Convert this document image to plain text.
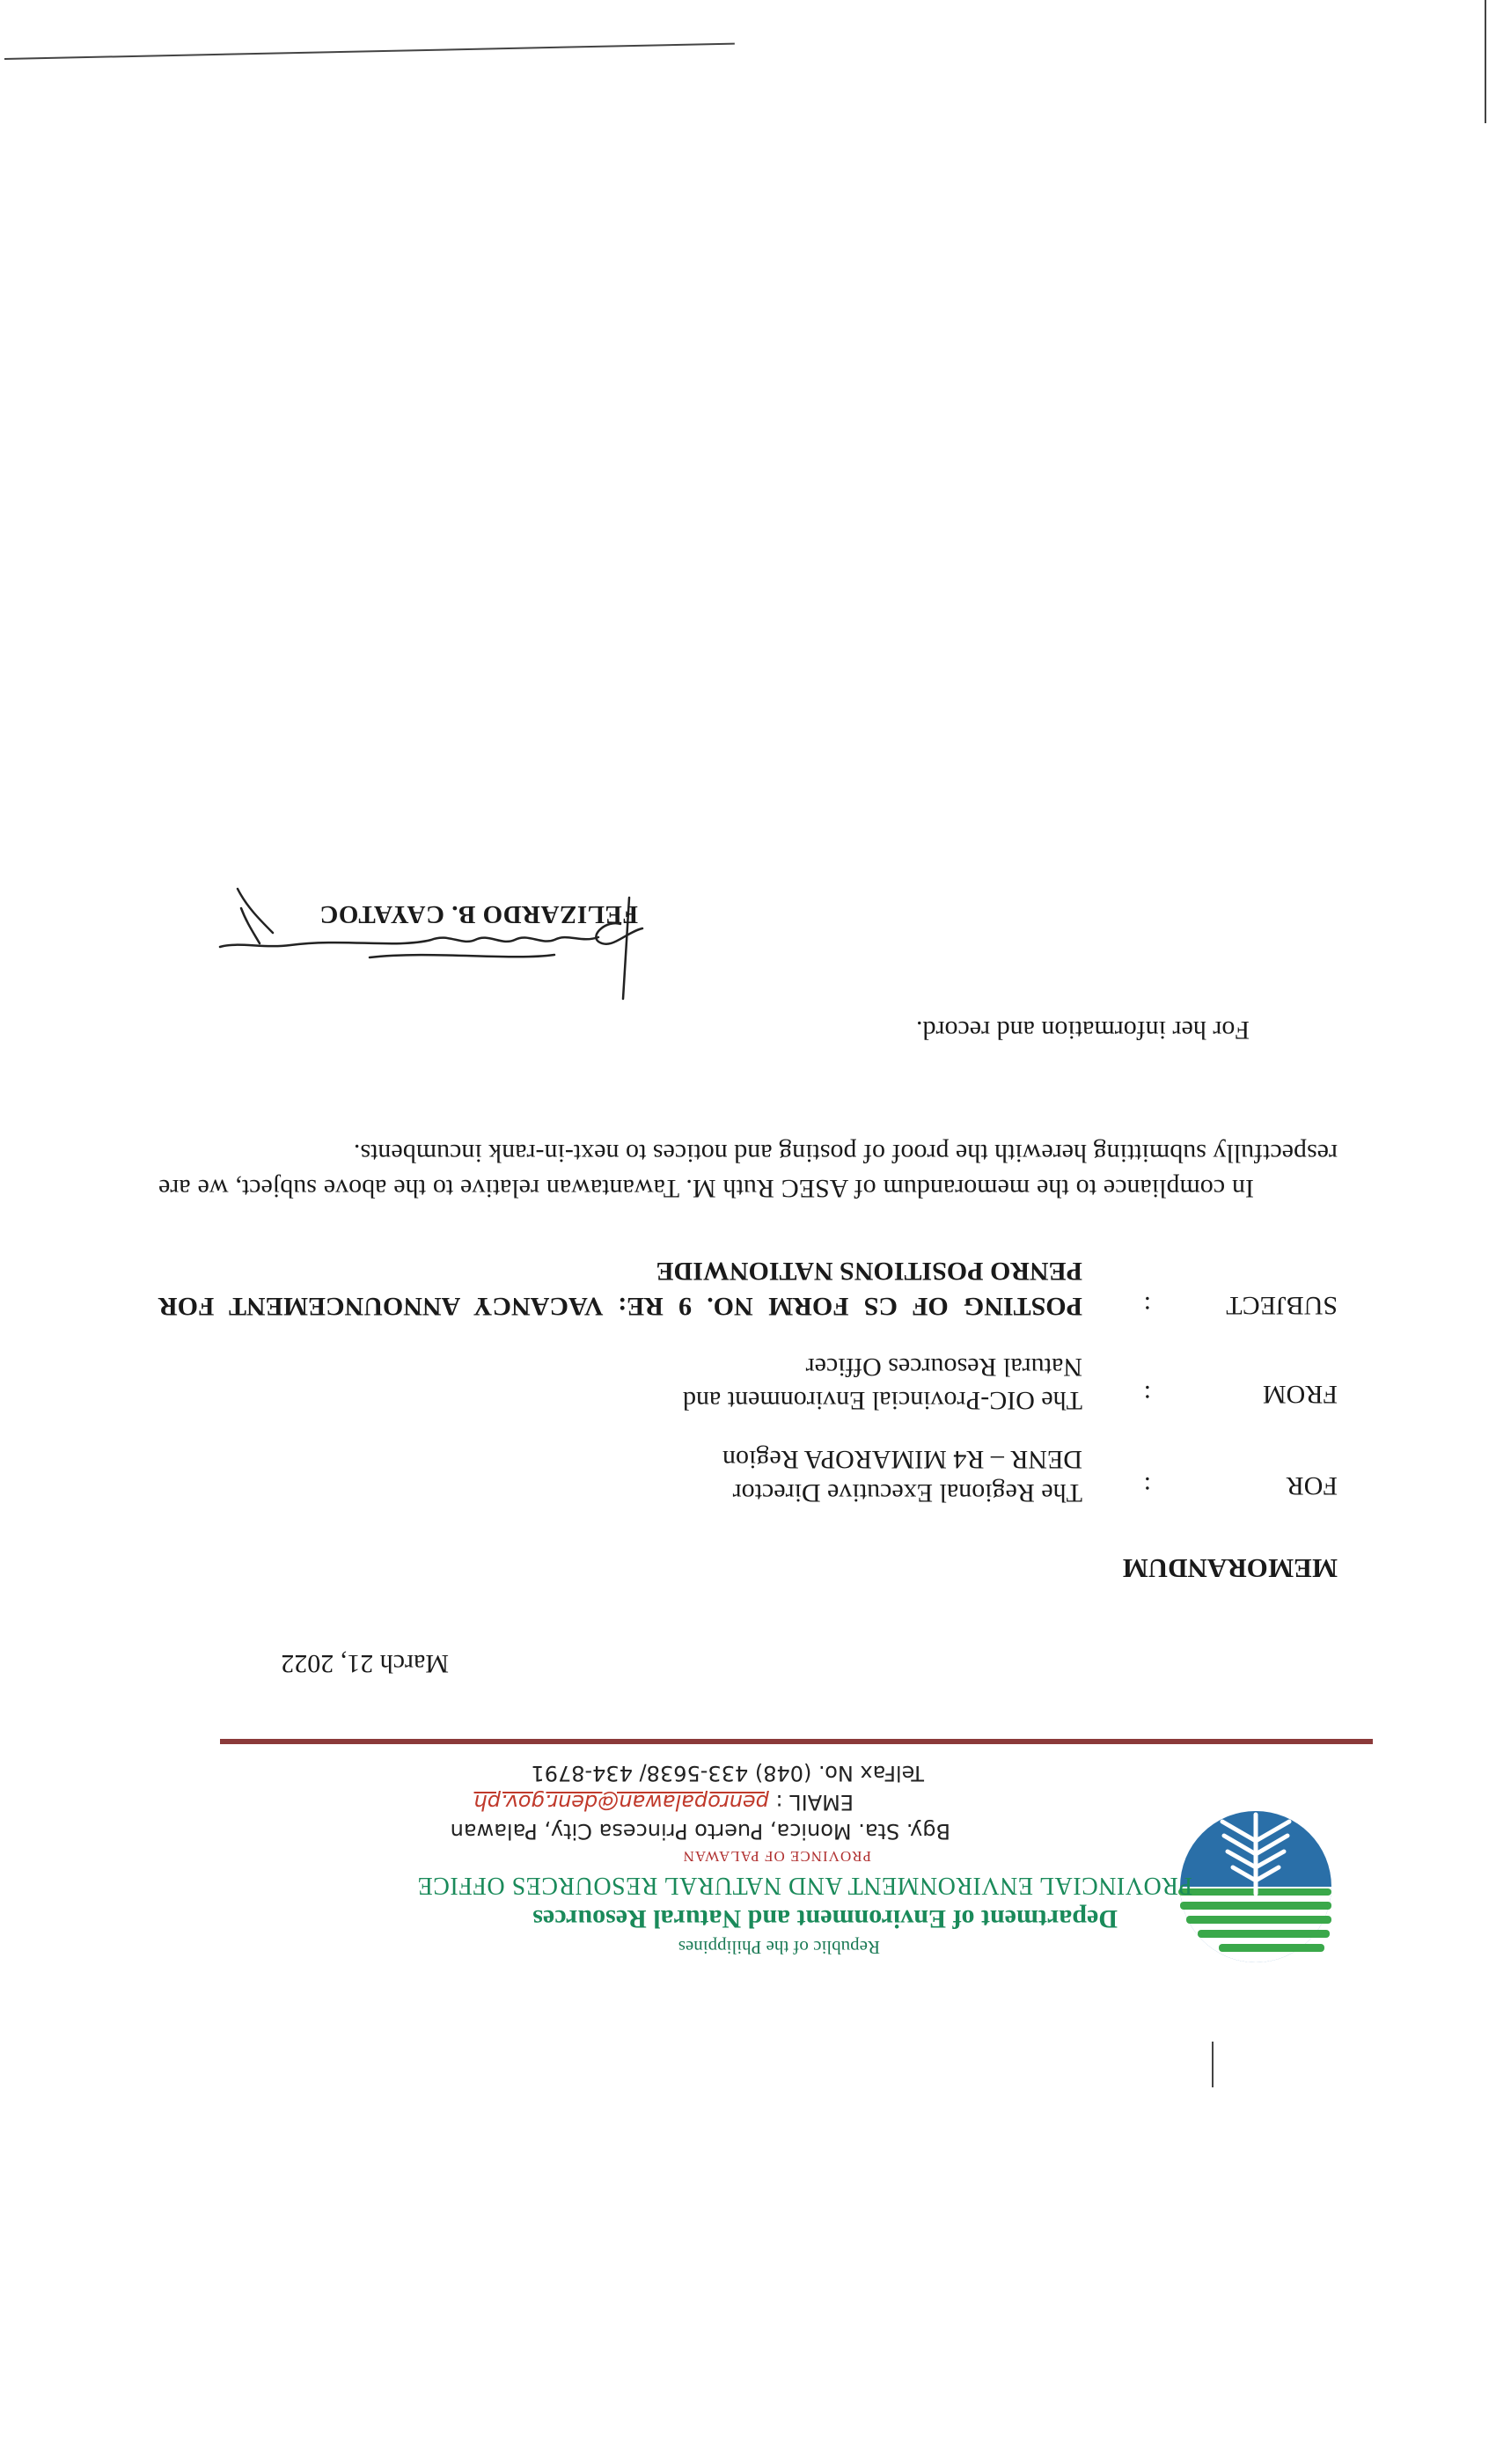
Republic of the Philippines
Department of Environment and Natural Resources
PROVINCIAL ENVIRONMENT AND NATURAL RESOURCES OFFICE
PROVINCE OF PALAWAN
Bgy. Sta. Monica, Puerto Princesa City, Palawan
EMAIL : penropalawan@denr.gov.ph
TelFax No. (048) 433-5638/ 434-8791
March 21, 2022
MEMORANDUM
FOR
:
The Regional Executive Director
DENR – R4 MIMAROPA Region
FROM
:
The OIC-Provincial Environment and
Natural Resources Officer
SUBJECT
:
POSTING OF CS FORM NO. 9 RE: VACANCY ANNOUNCEMENT FOR PENRO POSITIONS NATIONWIDE
In compliance to the memorandum of ASEC Ruth M. Tawantawan relative to the above subject, we are respectfully submitting herewith the proof of posting and notices to next-in-rank incumbents.
For her information and record.
FELIZARDO B. CAYATOC
